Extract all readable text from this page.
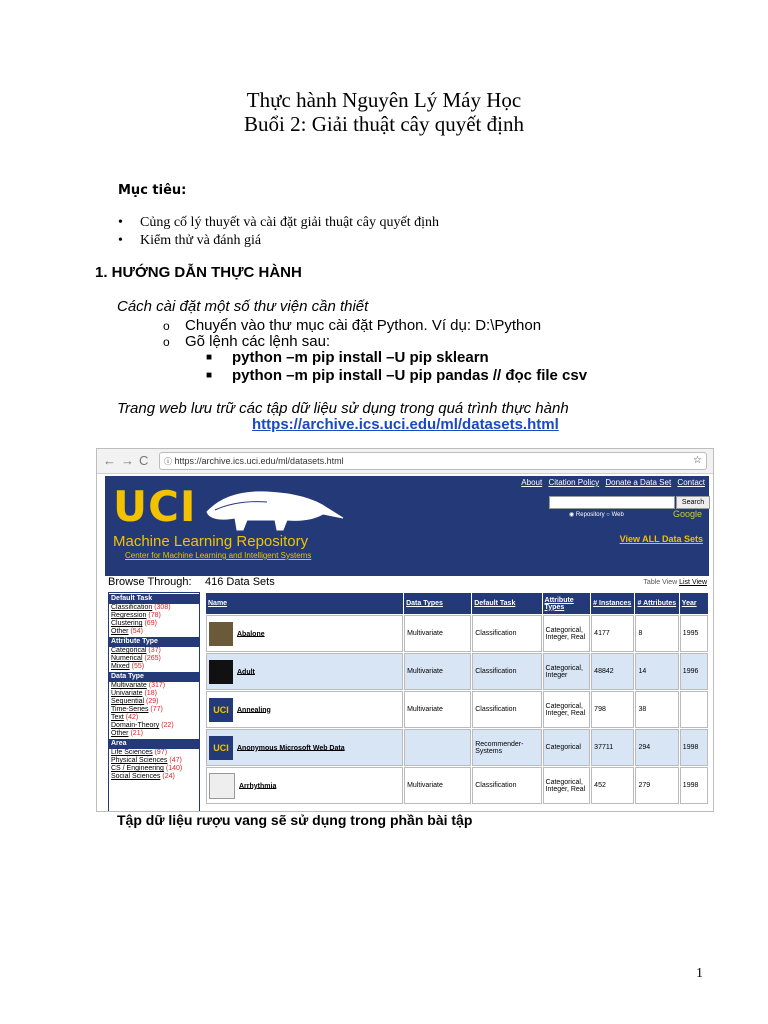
Thực hành Nguyên Lý Máy Học
Buổi 2: Giải thuật cây quyết định
Mục tiêu:
• Củng cố lý thuyết và cài đặt giải thuật cây quyết định
• Kiểm thử và đánh giá
1. HƯỚNG DẪN THỰC HÀNH
Cách cài đặt một số thư viện cần thiết
o Chuyển vào thư mục cài đặt Python. Ví dụ: D:\Python
o Gõ lệnh các lệnh sau:
■ python –m pip install –U pip sklearn
■ python –m pip install –U pip pandas // đọc file csv
Trang web lưu trữ các tập dữ liệu sử dụng trong quá trình thực hành
https://archive.ics.uci.edu/ml/datasets.html
← → C	ⓘ https://archive.ics.uci.edu/ml/datasets.html	☆
UCI
Machine Learning Repository
Center for Machine Learning and Intelligent Systems
About Citation Policy Donate a Data Set Contact
Search
◉ Repository ○ Web	Google
View ALL Data Sets
Browse Through: 416 Data Sets	Table View List View
Default Task
Classification (308)
Regression (78)
Clustering (69)
Other (54)
Attribute Type
Categorical (37)
Numerical (265)
Mixed (55)
Data Type
Multivariate (317)
Univariate (18)
Sequential (29)
Time-Series (77)
Text (42)
Domain-Theory (22)
Other (21)
Area
Life Sciences (97)
Physical Sciences (47)
CS / Engineering (140)
Social Sciences (24)
Name	Data Types	Default Task	Attribute Types	# Instances	# Attributes	Year
Abalone	Multivariate	Classification	Categorical, Integer, Real	4177	8	1995
Adult	Multivariate	Classification	Categorical, Integer	48842	14	1996
UCI Annealing	Multivariate	Classification	Categorical, Integer, Real	798	38	
UCI Anonymous Microsoft Web Data		Recommender-Systems	Categorical	37711	294	1998
Arrhythmia	Multivariate	Classification	Categorical, Integer, Real	452	279	1998
Tập dữ liệu rượu vang sẽ sử dụng trong phần bài tập
1
